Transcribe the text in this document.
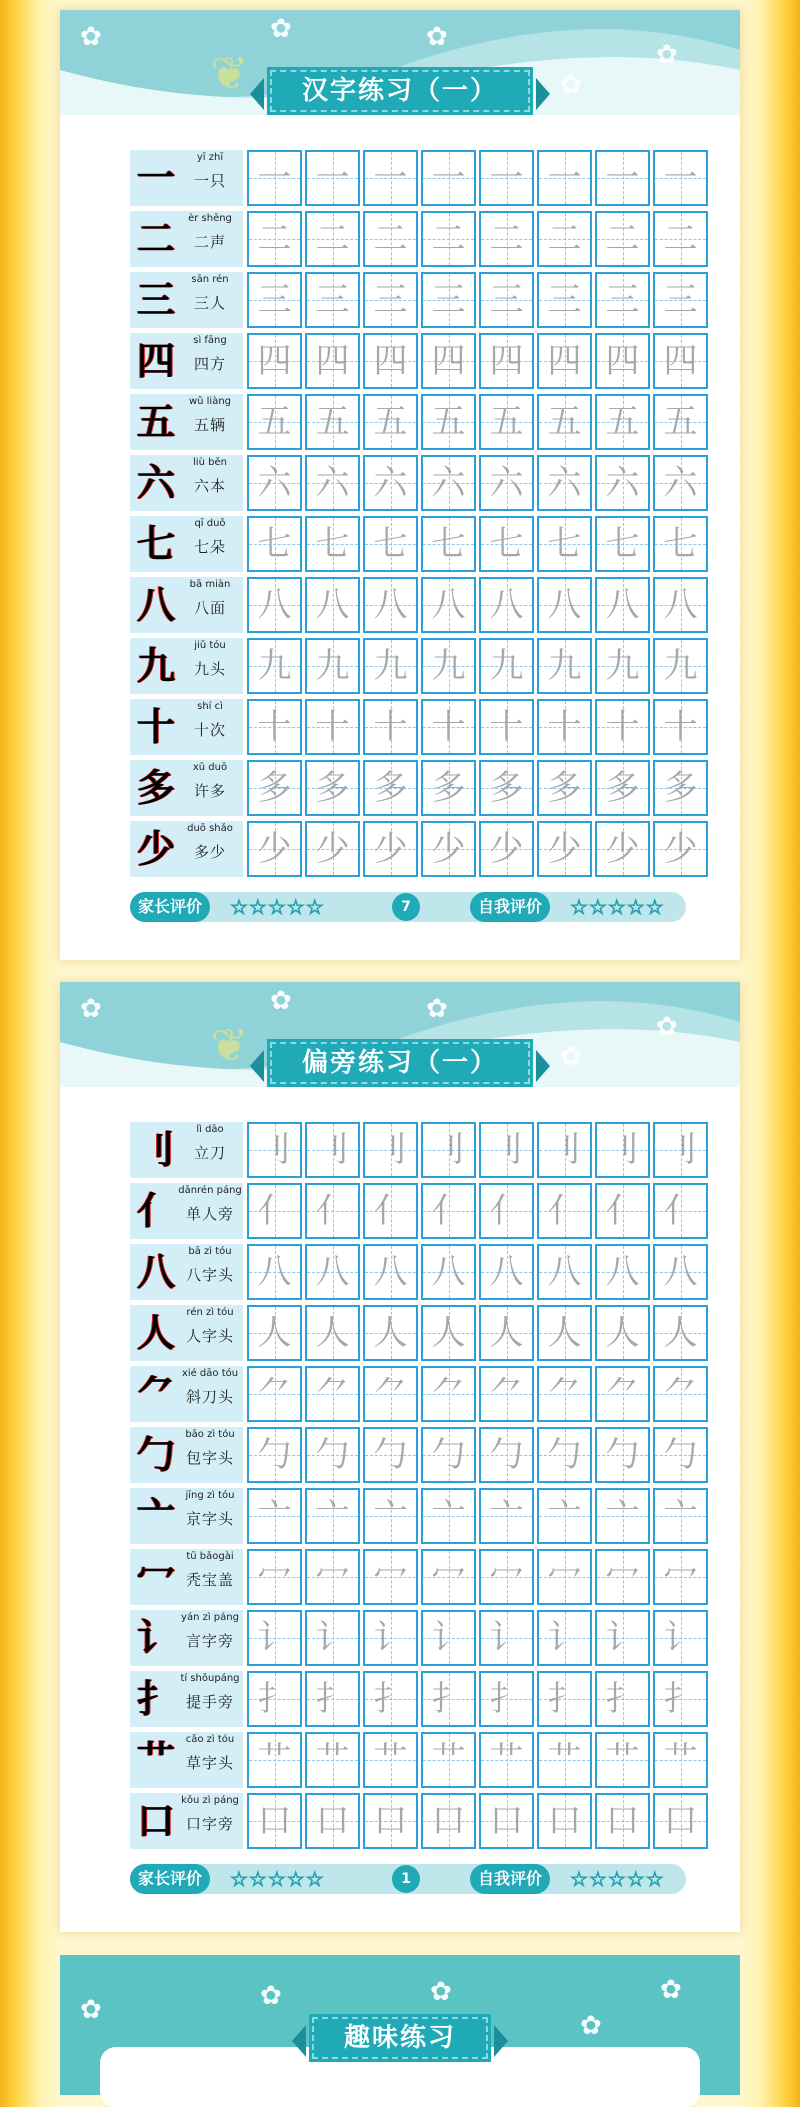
✿	✿	✿
✿
✿
❦	汉字练习（一）
一	yī zhī
一只 一 一 一 一 一 一 一 一
二	èr shēng
二声 二 二 二 二 二 二 二 二
三	sān rén
三人 三 三 三 三 三 三 三 三
四	sì fāng
四方 四 四 四 四 四 四 四 四
五	wǔ liàng
五辆 五 五 五 五 五 五 五 五
六	liù běn
六本 六 六 六 六 六 六 六 六
七	qī duǒ
七朵 七 七 七 七 七 七 七 七
八	bā miàn
八面 八 八 八 八 八 八 八 八
九	jiǔ tóu
九头 九 九 九 九 九 九 九 九
十	shí cì
十次 十 十 十 十 十 十 十 十
多	xǔ duō
许多 多 多 多 多 多 多 多 多
少	duō shǎo
多少 少 少 少 少 少 少 少 少
家长评价	☆☆☆☆☆	7	自我评价	☆☆☆☆☆
✿	✿	✿
✿
✿
❦	偏旁练习（一）
刂	lì dāo
立刀 刂 刂 刂 刂 刂 刂 刂 刂
亻 dānrén páng
单人旁 亻 亻 亻 亻 亻 亻 亻 亻
八	bā zì tóu
八字头 八 八 八 八 八 八 八 八
人	rén zì tóu
人字头 人 人 人 人 人 人 人 人
⺈ xié dāo tóu
斜刀头 ⺈ ⺈ ⺈ ⺈ ⺈ ⺈ ⺈ ⺈
勹	bāo zì tóu
包字头 勹 勹 勹 勹 勹 勹 勹 勹
亠	jīng zì tóu
京字头 亠 亠 亠 亠 亠 亠 亠 亠
冖	tū bǎogài
秃宝盖 冖 冖 冖 冖 冖 冖 冖 冖
讠 yán zì páng
言字旁 讠 讠 讠 讠 讠 讠 讠 讠
扌 tí shǒupáng
提手旁 扌 扌 扌 扌 扌 扌 扌 扌
艹	cǎo zì tóu
草字头 艹 艹 艹 艹 艹 艹 艹 艹
口 kǒu zì páng
口字旁 口 口 口 口 口 口 口 口
家长评价	☆☆☆☆☆	1	自我评价	☆☆☆☆☆
✿	✿	✿
✿
✿
趣味练习
